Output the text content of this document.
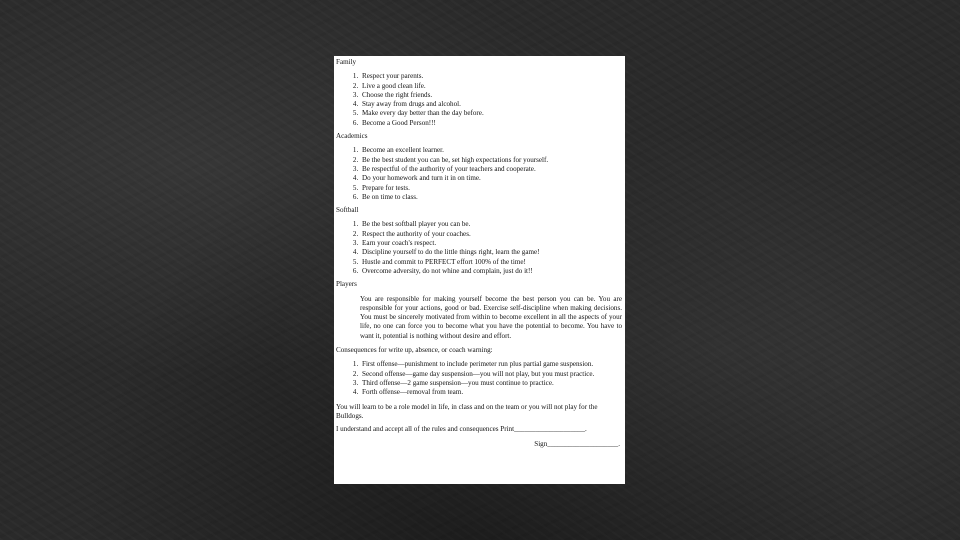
Family

1. Respect your parents.
2. Live a good clean life.
3. Choose the right friends.
4. Stay away from drugs and alcohol.
5. Make every day better than the day before.
6. Become a Good Person!!!

Academics

1. Become an excellent learner.
2. Be the best student you can be, set high expectations for yourself.
3. Be respectful of the authority of your teachers and cooperate.
4. Do your homework and turn it in on time.
5. Prepare for tests.
6. Be on time to class.

Softball

1. Be the best softball player you can be.
2. Respect the authority of your coaches.
3. Earn your coach's respect.
4. Discipline yourself to do the little things right, learn the game!
5. Hustle and commit to PERFECT effort 100% of the time!
6. Overcome adversity, do not whine and complain, just do it!!

Players

You are responsible for making yourself become the best person you can be. You are responsible for your actions, good or bad. Exercise self-discipline when making decisions. You must be sincerely motivated from within to become excellent in all the aspects of your life, no one can force you to become what you have the potential to become. You have to want it, potential is nothing without desire and effort.

Consequences for write up, absence, or coach warning:

1. First offense—punishment to include perimeter run plus partial game suspension.
2. Second offense—game day suspension—you will not play, but you must practice.
3. Third offense—2 game suspension—you must continue to practice.
4. Forth offense—removal from team.

You will learn to be a role model in life, in class and on the team or you will not play for the Bulldogs.

I understand and accept all of the rules and consequences Print____________________.

Sign____________________.
